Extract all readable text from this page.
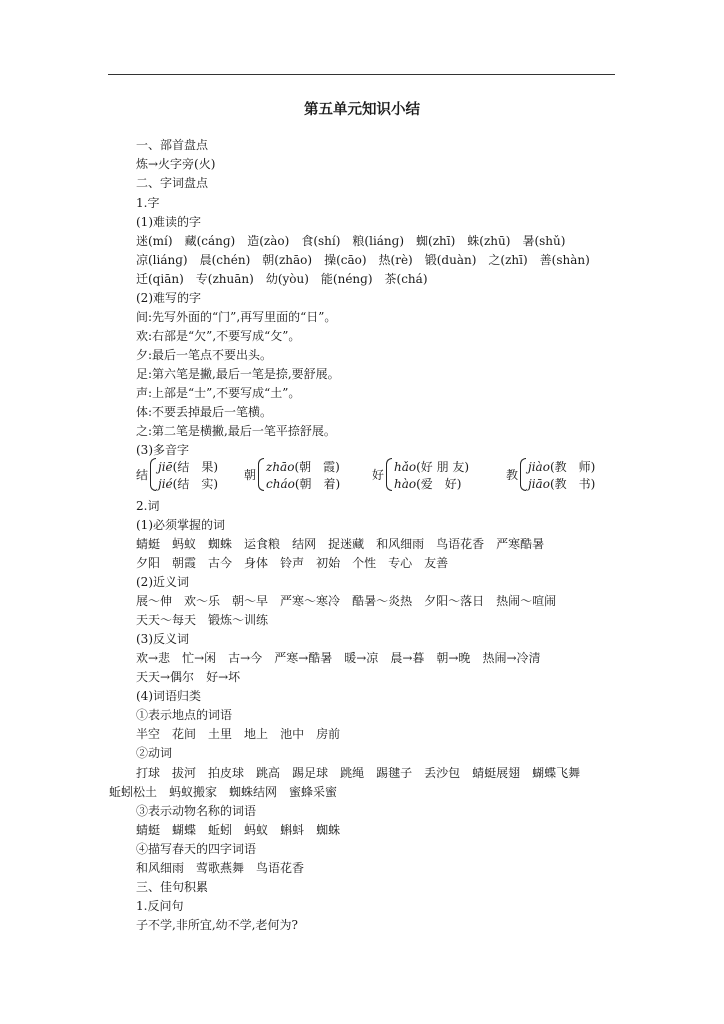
第五单元知识小结
一、部首盘点
炼→火字旁(火)
二、字词盘点
1.字
(1)难读的字
迷(mí) 藏(cánɡ) 造(zào) 食(shí) 粮(liánɡ) 蜘(zhī) 蛛(zhū) 暑(shǔ)
凉(liánɡ) 晨(chén) 朝(zhāo) 操(cāo) 热(rè) 锻(duàn) 之(zhī) 善(shàn)
迁(qiān) 专(zhuān) 幼(yòu) 能(nénɡ) 茶(chá)
(2)难写的字
间:先写外面的“门”,再写里面的“日”。
欢:右部是“欠”,不要写成“攵”。
夕:最后一笔点不要出头。
足:第六笔是撇,最后一笔是捺,要舒展。
声:上部是“士”,不要写成“土”。
体:不要丢掉最后一笔横。
之:第二笔是横撇,最后一笔平捺舒展。
(3)多音字
结
jiē(结　果)
jié(结　实)
朝
zhāo(朝　霞)
cháo(朝　着)
好
hǎo(好 朋 友)
hào(爱　好)
教
jiào(教　师)
jiāo(教　书)
2.词
(1)必须掌握的词
蜻蜓 蚂蚁 蜘蛛 运食粮 结网 捉迷藏 和风细雨 鸟语花香 严寒酷暑
夕阳 朝霞 古今 身体 铃声 初始 个性 专心 友善
(2)近义词
展～伸 欢～乐 朝～早 严寒～寒冷 酷暑～炎热 夕阳～落日 热闹～喧闹
天天～每天 锻炼～训练
(3)反义词
欢→悲 忙→闲 古→今 严寒→酷暑 暖→凉 晨→暮 朝→晚 热闹→冷清
天天→偶尔 好→坏
(4)词语归类
①表示地点的词语
半空 花间 土里 地上 池中 房前
②动词
打球 拔河 拍皮球 跳高 踢足球 跳绳 踢毽子 丢沙包 蜻蜓展翅 蝴蝶飞舞
蚯蚓松土 蚂蚁搬家 蜘蛛结网 蜜蜂采蜜
③表示动物名称的词语
蜻蜓 蝴蝶 蚯蚓 蚂蚁 蝌蚪 蜘蛛
④描写春天的四字词语
和风细雨 莺歌燕舞 鸟语花香
三、佳句积累
1.反问句
子不学,非所宜,幼不学,老何为?
